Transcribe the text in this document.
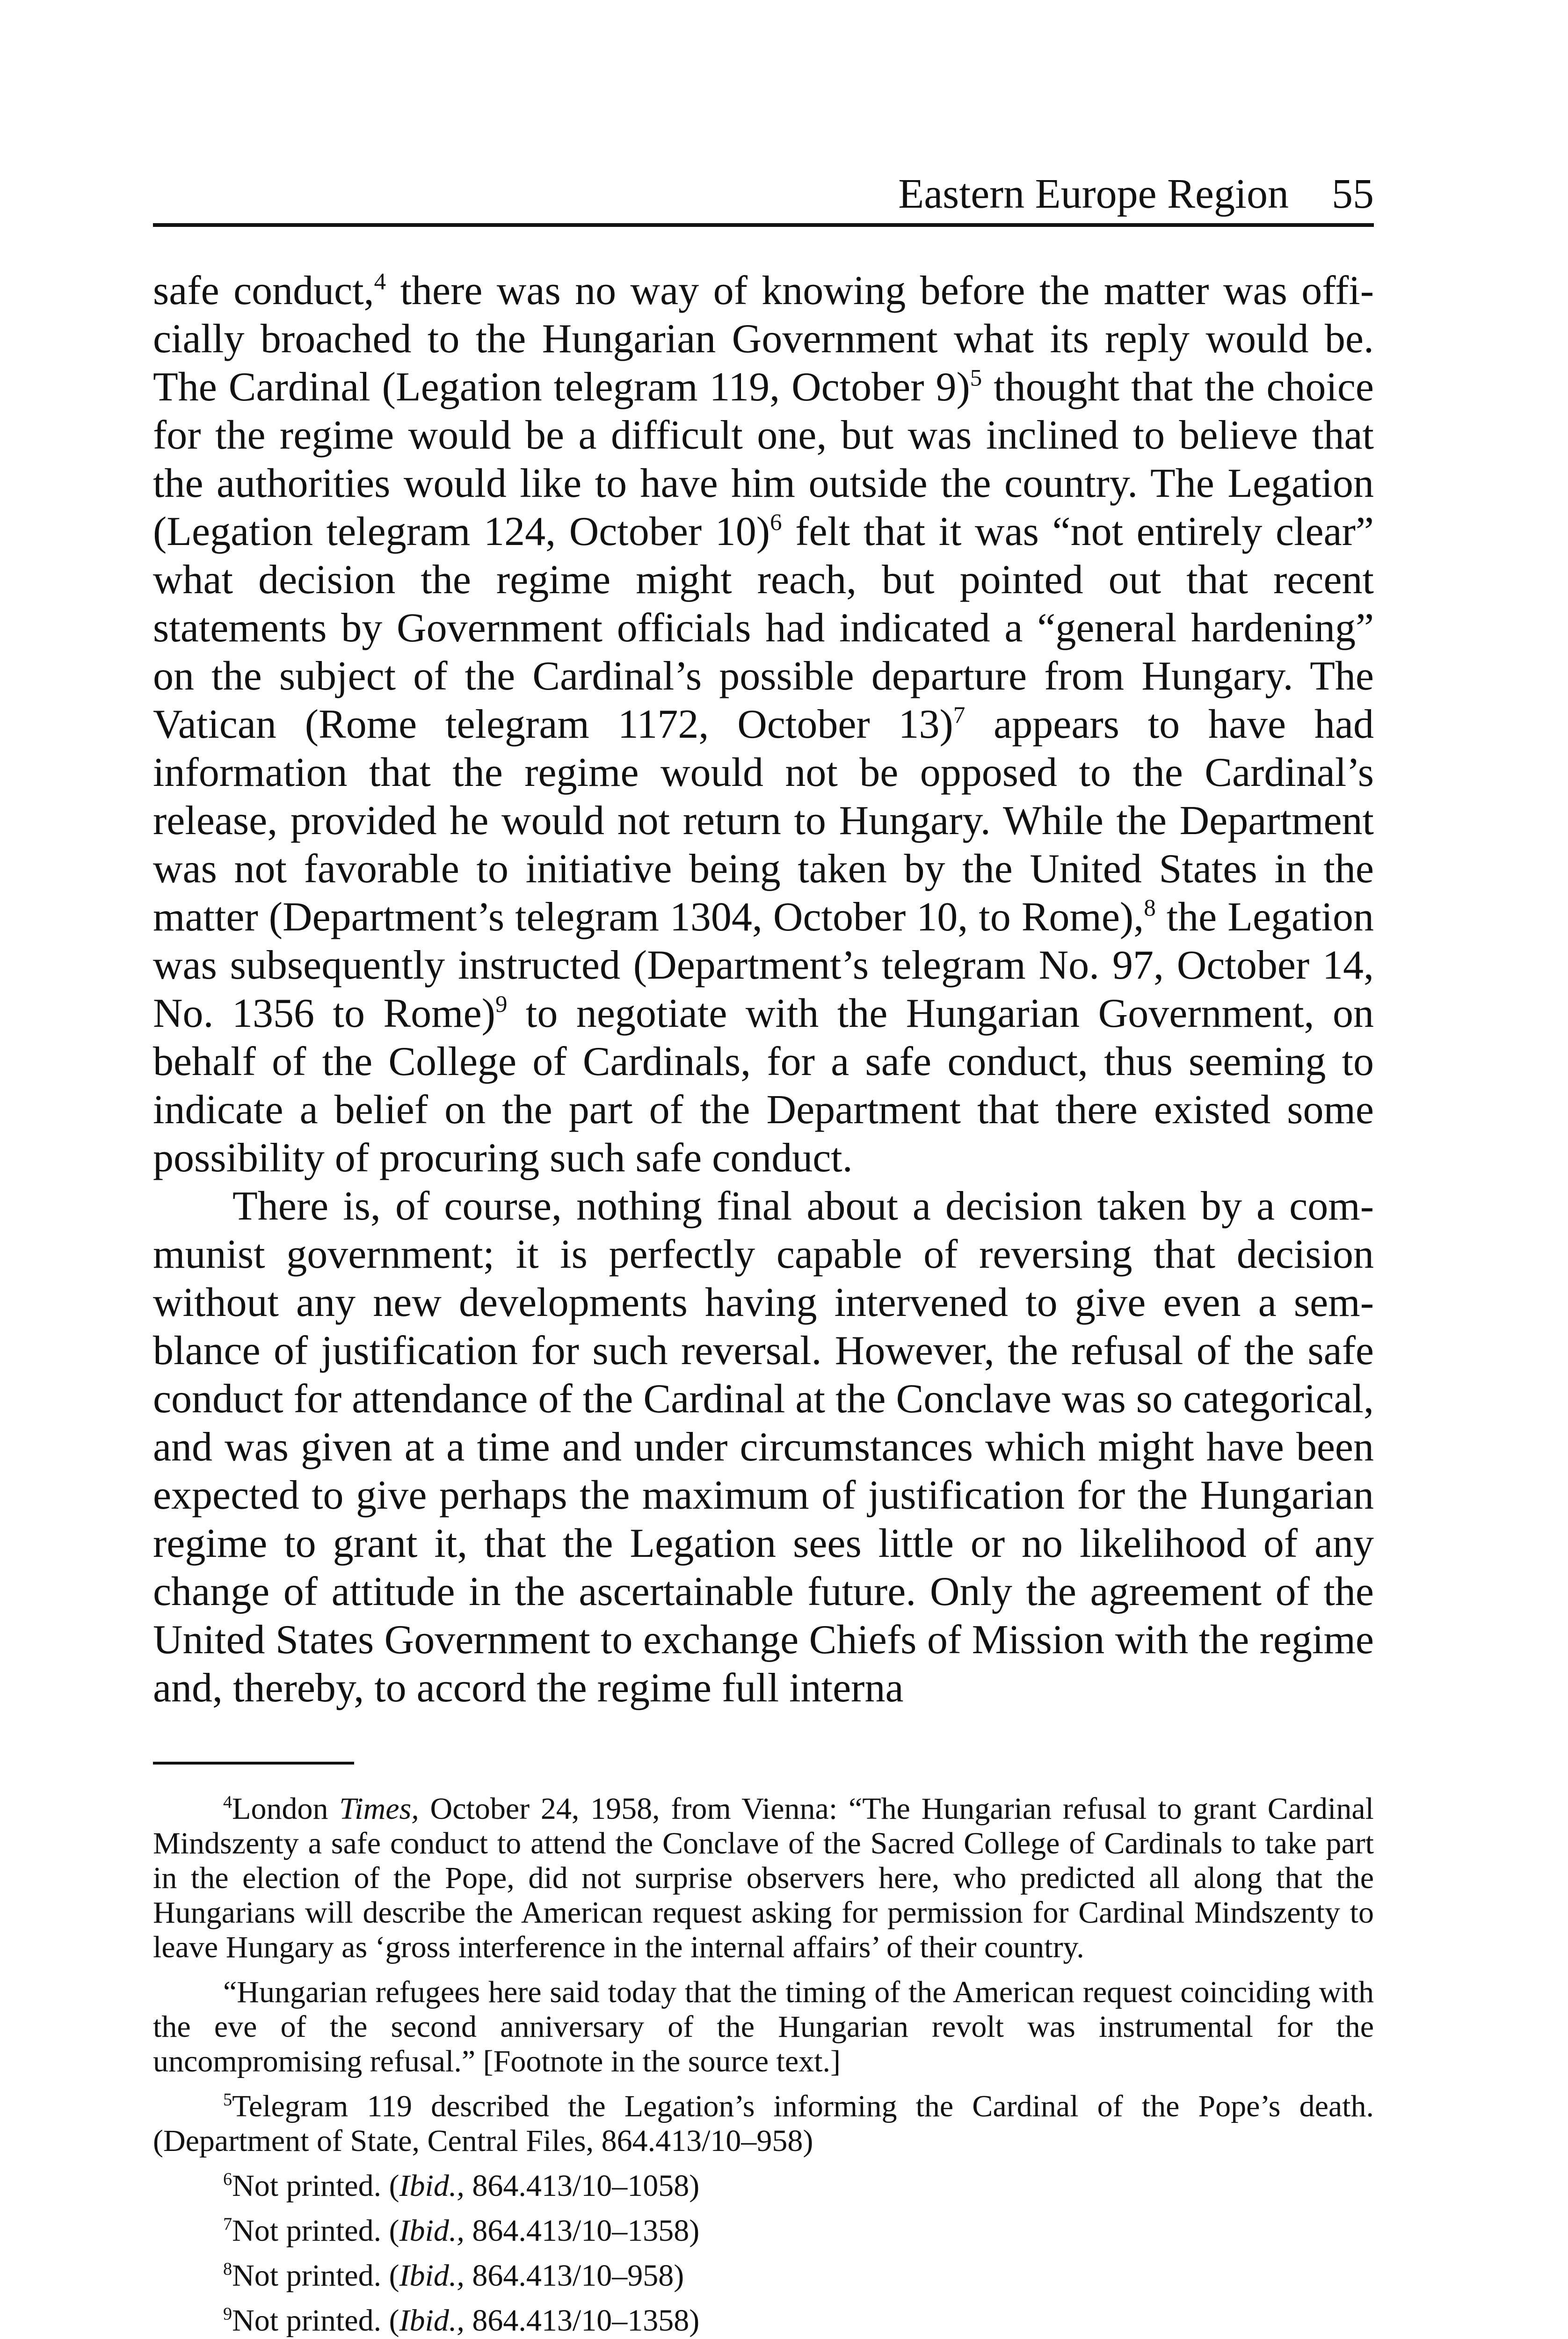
Eastern Europe Region 55

safe conduct,$^4$ there was no way of knowing before the matter was officially broached to the Hungarian Government what its reply would be. The Cardinal (Legation telegram 119, October 9)$^5$ thought that the choice for the regime would be a difficult one, but was inclined to believe that the authorities would like to have him outside the country. The Legation (Legation telegram 124, October 10)$^6$ felt that it was “not entirely clear” what decision the regime might reach, but pointed out that recent statements by Government officials had indicated a “general hardening” on the subject of the Cardinal’s possible departure from Hungary. The Vatican (Rome telegram 1172, October 13)$^7$ appears to have had information that the regime would not be opposed to the Cardinal’s release, provided he would not return to Hungary. While the Department was not favorable to initiative being taken by the United States in the matter (Department’s telegram 1304, October 10, to Rome),$^8$ the Legation was subsequently instructed (Department’s telegram No. 97, October 14, No. 1356 to Rome)$^9$ to negotiate with the Hungarian Government, on behalf of the College of Cardinals, for a safe conduct, thus seeming to indicate a belief on the part of the Department that there existed some possibility of procuring such safe conduct.

There is, of course, nothing final about a decision taken by a communist government; it is perfectly capable of reversing that decision without any new developments having intervened to give even a semblance of justification for such reversal. However, the refusal of the safe conduct for attendance of the Cardinal at the Conclave was so categorical, and was given at a time and under circumstances which might have been expected to give perhaps the maximum of justification for the Hungarian regime to grant it, that the Legation sees little or no likelihood of any change of attitude in the ascertainable future. Only the agreement of the United States Government to exchange Chiefs of Mission with the regime and, thereby, to accord the regime full interna

$^4$London Times, October 24, 1958, from Vienna: “The Hungarian refusal to grant Cardinal Mindszenty a safe conduct to attend the Conclave of the Sacred College of Cardinals to take part in the election of the Pope, did not surprise observers here, who predicted all along that the Hungarians will describe the American request asking for permission for Cardinal Mindszenty to leave Hungary as ‘gross interference in the internal affairs’ of their country.

“Hungarian refugees here said today that the timing of the American request coinciding with the eve of the second anniversary of the Hungarian revolt was instrumental for the uncompromising refusal.” [Footnote in the source text.]

$^5$Telegram 119 described the Legation’s informing the Cardinal of the Pope’s death. (Department of State, Central Files, 864.413/10–958)

$^6$Not printed. (Ibid., 864.413/10–1058)

$^7$Not printed. (Ibid., 864.413/10–1358)

$^8$Not printed. (Ibid., 864.413/10–958)

$^9$Not printed. (Ibid., 864.413/10–1358)
